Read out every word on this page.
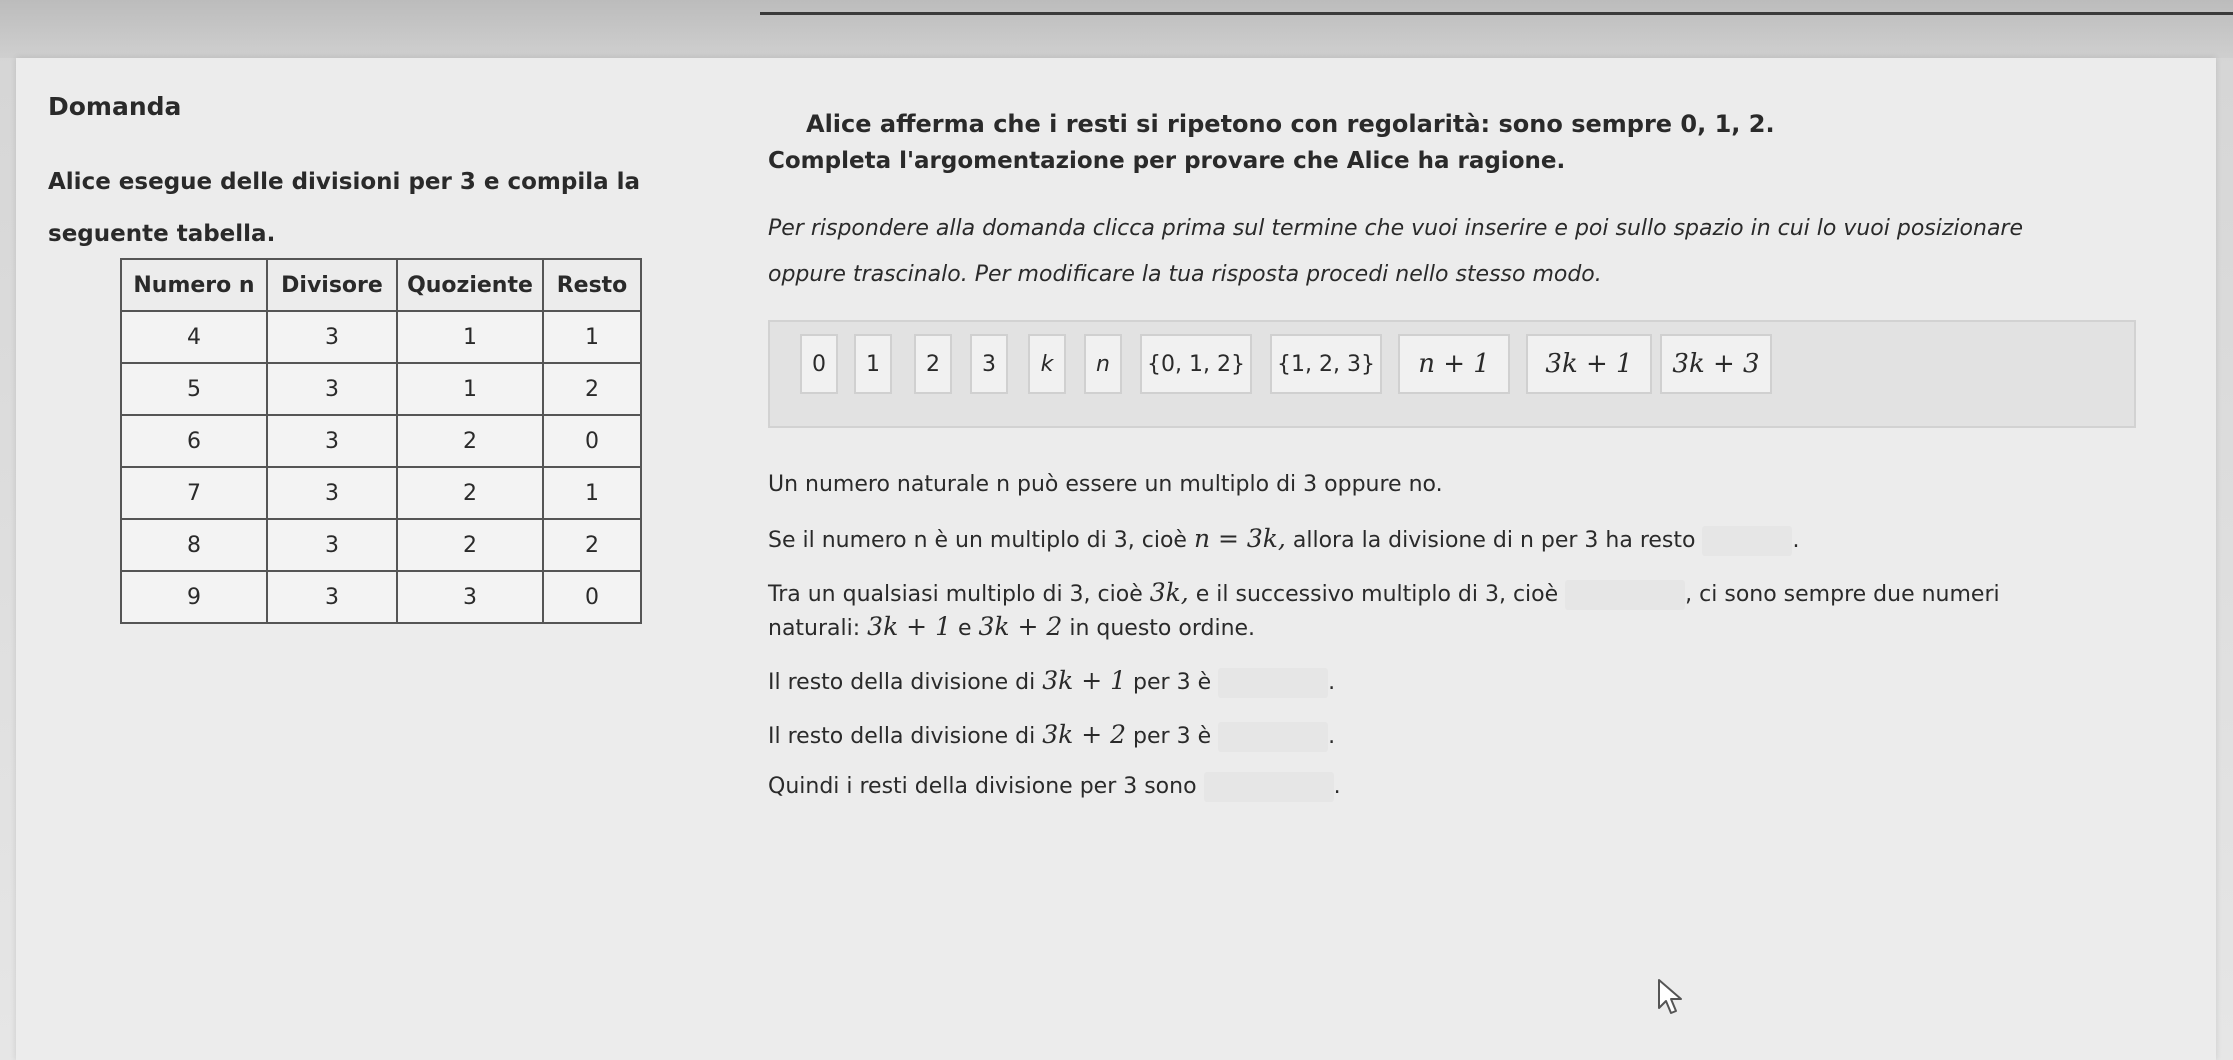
Domanda
Alice esegue delle divisioni per 3 e compila la
seguente tabella.
Numero n	Divisore	Quoziente	Resto
4	3	1	1
5	3	1	2
6	3	2	0
7	3	2	1
8	3	2	2
9	3	3	0
Alice afferma che i resti si ripetono con regolarità: sono sempre 0, 1, 2.
Completa l'argomentazione per provare che Alice ha ragione.
Per rispondere alla domanda clicca prima sul termine che vuoi inserire e poi sullo spazio in cui lo vuoi posizionare
oppure trascinalo. Per modificare la tua risposta procedi nello stesso modo.
0	1	2	3	k	n	{0, 1, 2}	{1, 2, 3}	n + 1	3k + 1	3k + 3
Un numero naturale n può essere un multiplo di 3 oppure no.
Se il numero n è un multiplo di 3, cioè n = 3k, allora la divisione di n per 3 ha resto	.
Tra un qualsiasi multiplo di 3, cioè 3k, e il successivo multiplo di 3, cioè	, ci sono sempre due numeri
naturali: 3k + 1 e 3k + 2 in questo ordine.
Il resto della divisione di 3k + 1 per 3 è	.
Il resto della divisione di 3k + 2 per 3 è	.
Quindi i resti della divisione per 3 sono	.
